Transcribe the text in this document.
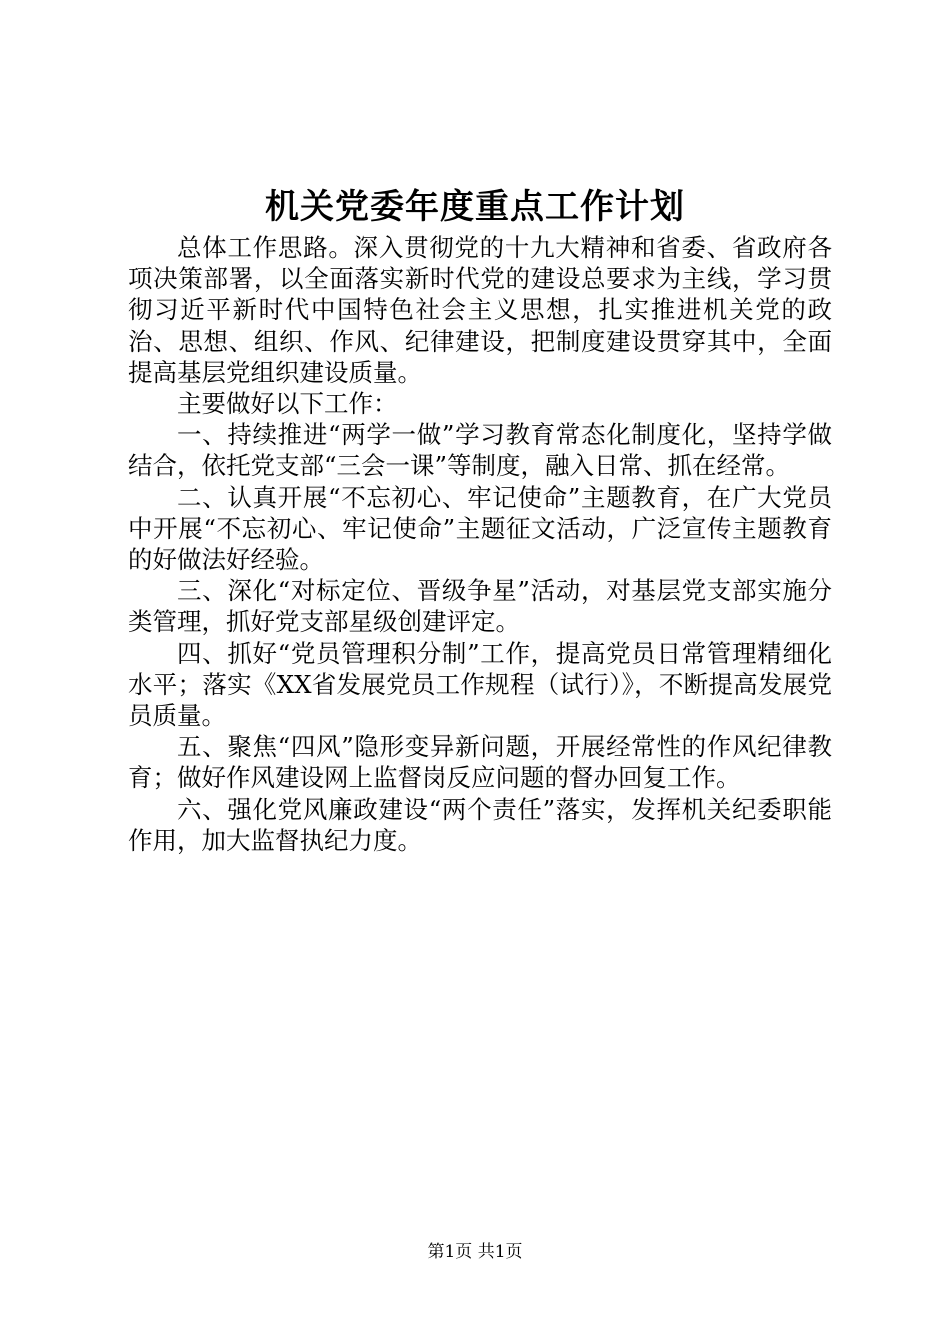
机关党委年度重点工作计划

总体工作思路。深入贯彻党的十九大精神和省委、省政府各项决策部署，以全面落实新时代党的建设总要求为主线，学习贯彻习近平新时代中国特色社会主义思想，扎实推进机关党的政治、思想、组织、作风、纪律建设，把制度建设贯穿其中，全面提高基层党组织建设质量。

主要做好以下工作：

一、持续推进“两学一做”学习教育常态化制度化，坚持学做结合，依托党支部“三会一课”等制度，融入日常、抓在经常。

二、认真开展“不忘初心、牢记使命”主题教育，在广大党员中开展“不忘初心、牢记使命”主题征文活动，广泛宣传主题教育的好做法好经验。

三、深化“对标定位、晋级争星”活动，对基层党支部实施分类管理，抓好党支部星级创建评定。

四、抓好“党员管理积分制”工作，提高党员日常管理精细化水平；落实《XX省发展党员工作规程（试行）》，不断提高发展党员质量。

五、聚焦“四风”隐形变异新问题，开展经常性的作风纪律教育；做好作风建设网上监督岗反应问题的督办回复工作。

六、强化党风廉政建设“两个责任”落实，发挥机关纪委职能作用，加大监督执纪力度。

第1页 共1页
